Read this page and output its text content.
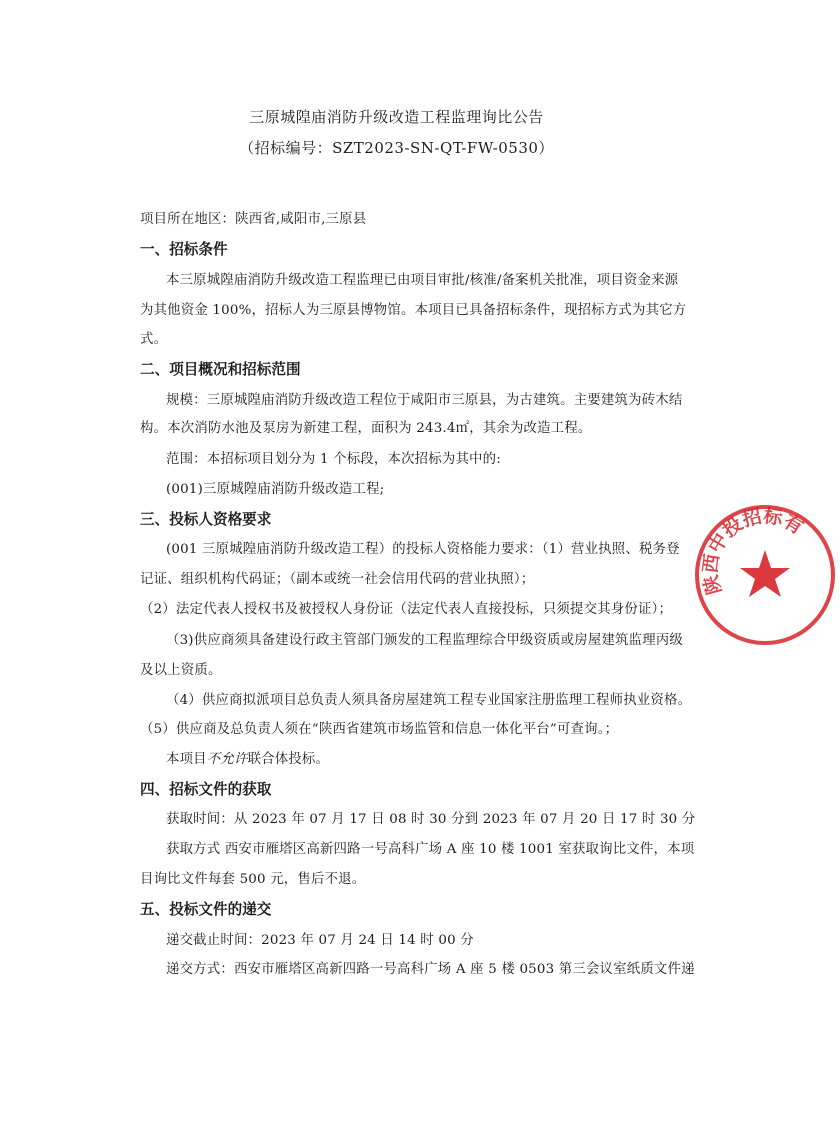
三原城隍庙消防升级改造工程监理询比公告
（招标编号：SZT2023-SN-QT-FW-0530）
项目所在地区：陕西省,咸阳市,三原县
一、招标条件
本三原城隍庙消防升级改造工程监理已由项目审批/核准/备案机关批准，项目资金来源
为其他资金 100%，招标人为三原县博物馆。本项目已具备招标条件，现招标方式为其它方
式。
二、项目概况和招标范围
规模：三原城隍庙消防升级改造工程位于咸阳市三原县，为古建筑。主要建筑为砖木结
构。本次消防水池及泵房为新建工程，面积为 243.4㎡，其余为改造工程。
范围：本招标项目划分为 1 个标段，本次招标为其中的:
(001)三原城隍庙消防升级改造工程;
三、投标人资格要求
(001 三原城隍庙消防升级改造工程）的投标人资格能力要求：（1）营业执照、税务登
记证、组织机构代码证；（副本或统一社会信用代码的营业执照）；
（2）法定代表人授权书及被授权人身份证（法定代表人直接投标，只须提交其身份证）；
（3)供应商须具备建设行政主管部门颁发的工程监理综合甲级资质或房屋建筑监理丙级
及以上资质。
（4）供应商拟派项目总负责人须具备房屋建筑工程专业国家注册监理工程师执业资格。
（5）供应商及总负责人须在“陕西省建筑市场监管和信息一体化平台”可查询。；
本项目不允许联合体投标。
四、招标文件的获取
获取时间：从 2023 年 07 月 17 日 08 时 30 分到 2023 年 07 月 20 日 17 时 30 分
获取方式 西安市雁塔区高新四路一号高科广场 A 座 10 楼 1001 室获取询比文件，本项
目询比文件每套 500 元，售后不退。
五、投标文件的递交
递交截止时间：2023 年 07 月 24 日 14 时 00 分
递交方式：西安市雁塔区高新四路一号高科广场 A 座 5 楼 0503 第三会议室纸质文件递
陕西中投招标有
